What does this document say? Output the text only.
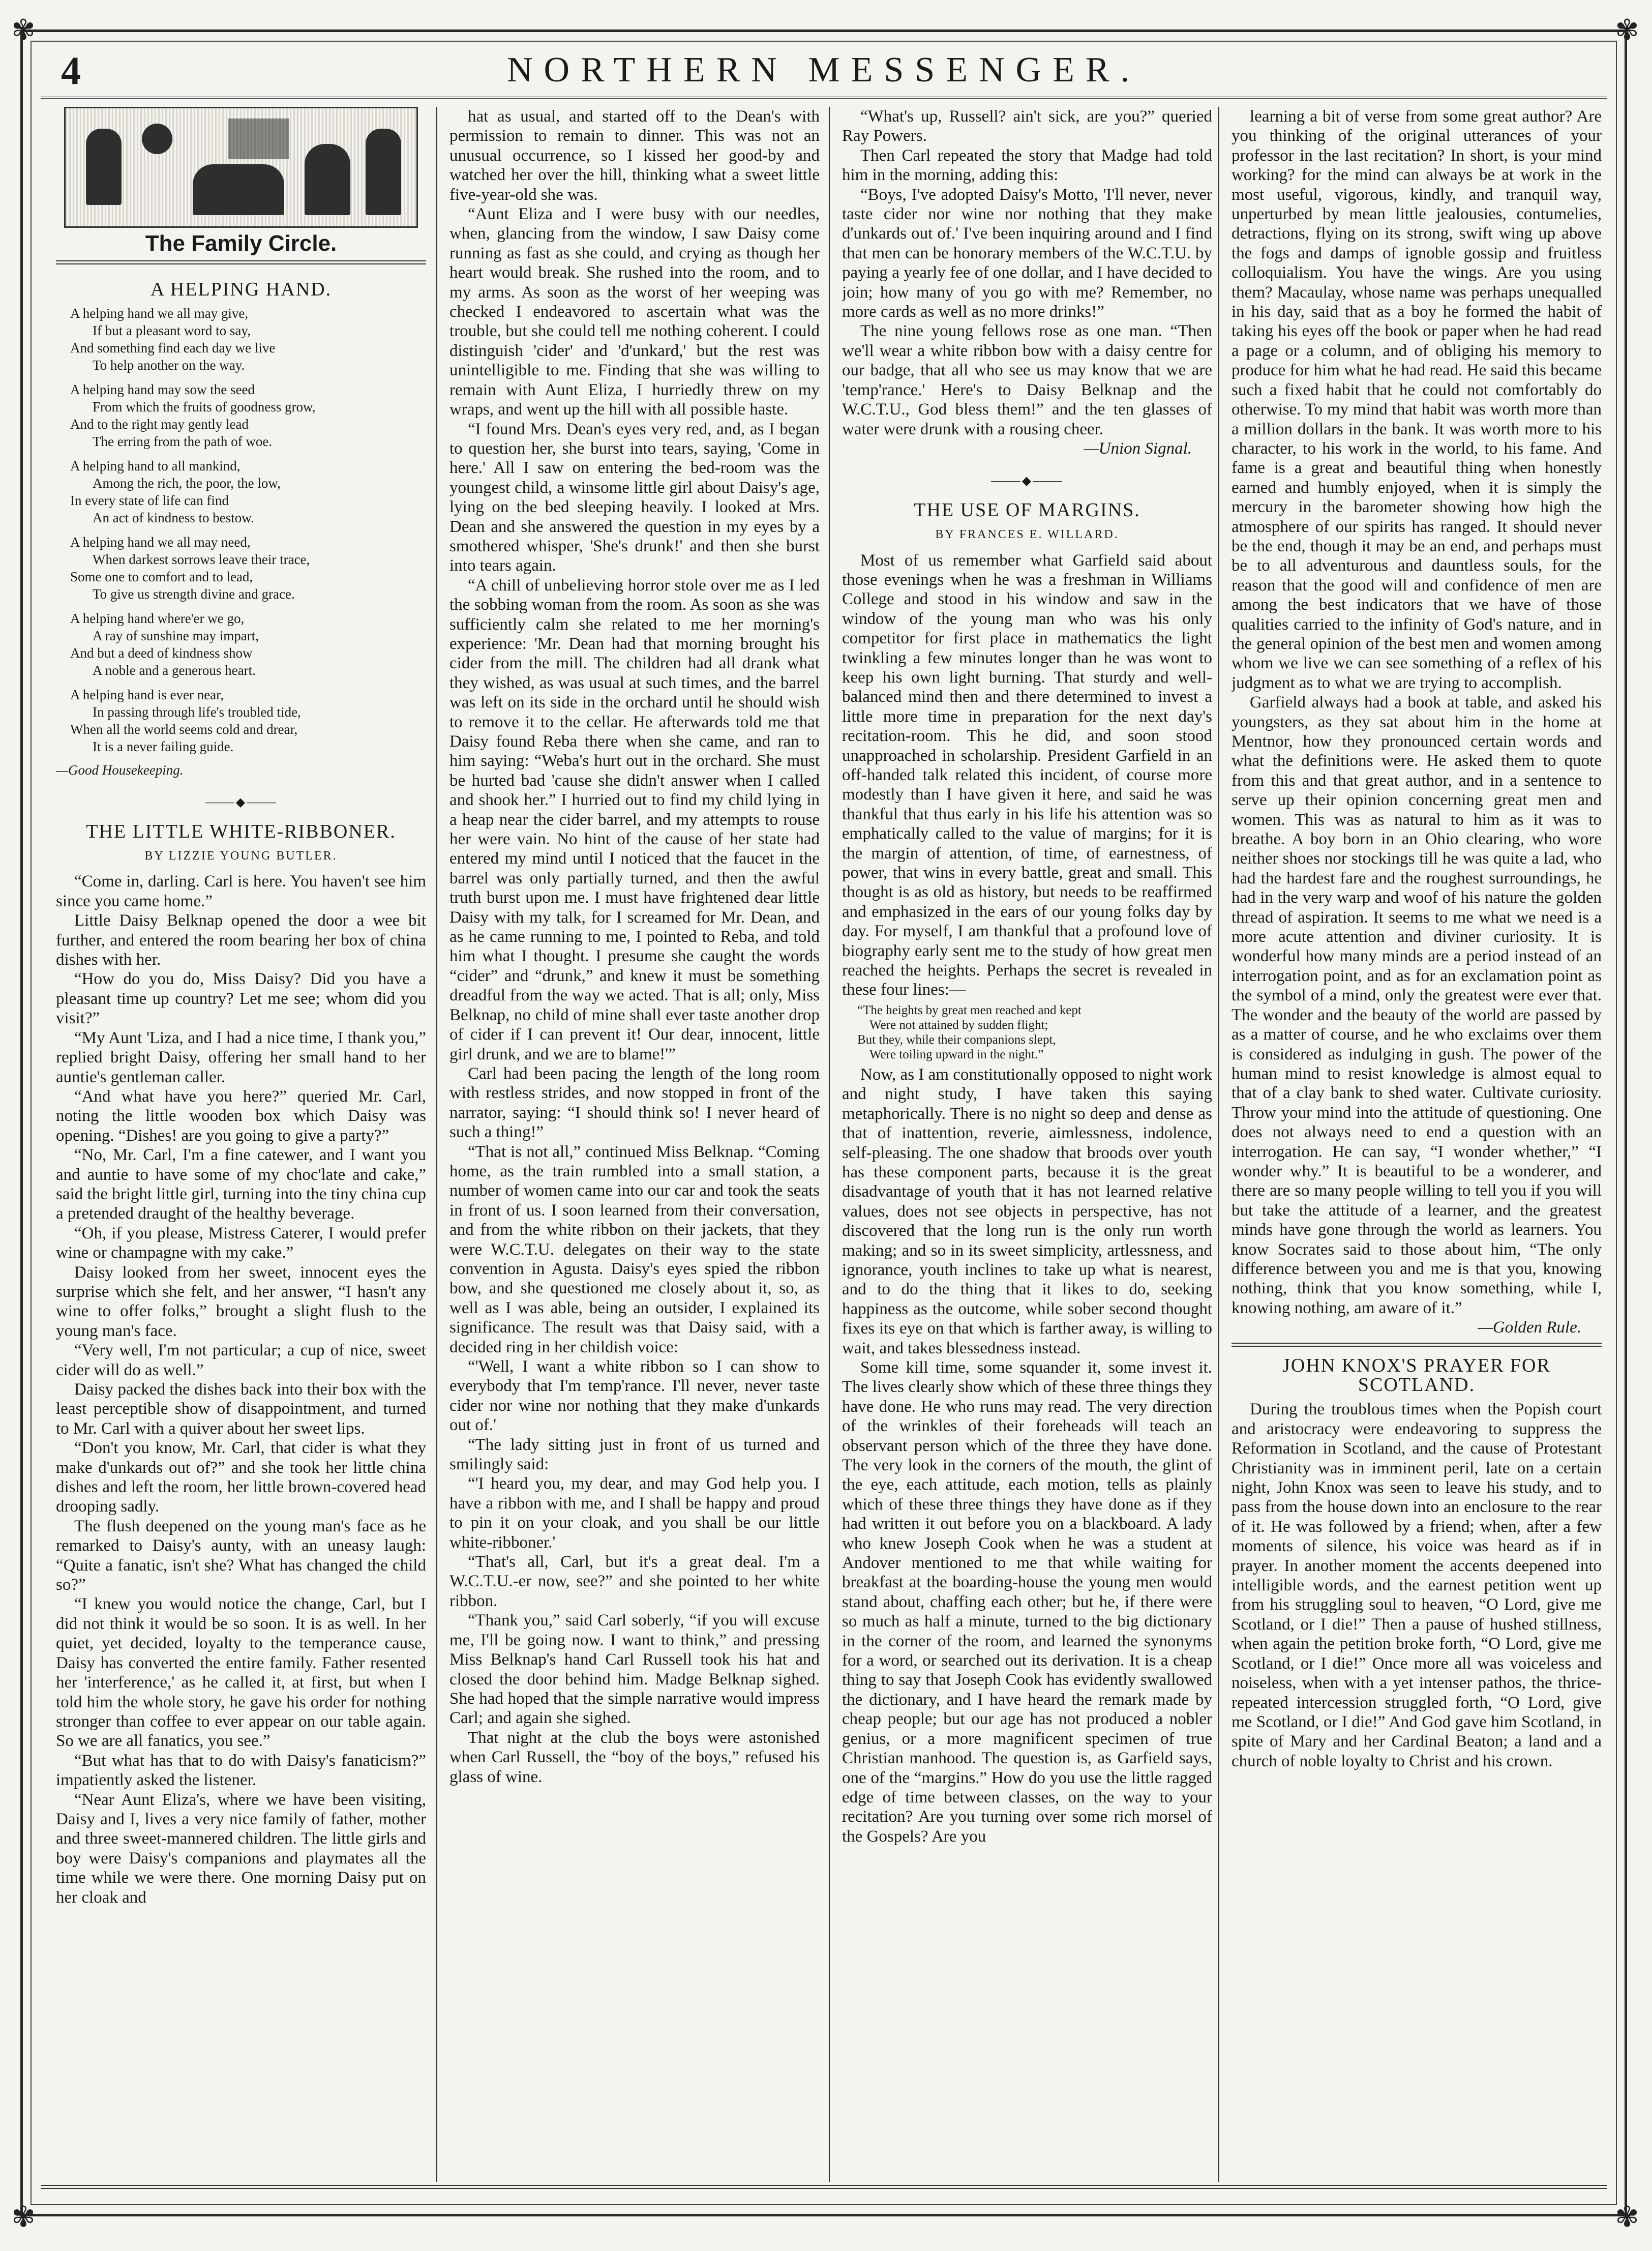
✾	✾
✾	✾
4	NORTHERN MESSENGER.
The Family Circle.
A HELPING HAND.
A helping hand we all may give,
If but a pleasant word to say,
And something find each day we live
To help another on the way.
A helping hand may sow the seed
From which the fruits of goodness grow,
And to the right may gently lead
The erring from the path of woe.
A helping hand to all mankind,
Among the rich, the poor, the low,
In every state of life can find
An act of kindness to bestow.
A helping hand we all may need,
When darkest sorrows leave their trace,
Some one to comfort and to lead,
To give us strength divine and grace.
A helping hand where'er we go,
A ray of sunshine may impart,
And but a deed of kindness show
A noble and a generous heart.
A helping hand is ever near,
In passing through life's troubled tide,
When all the world seems cold and drear,
It is a never failing guide.
—Good Housekeeping.
⸻◆⸻
THE LITTLE WHITE-RIBBONER.
BY LIZZIE YOUNG BUTLER.

“Come in, darling. Carl is here. You haven't see him since you came home.”

Little Daisy Belknap opened the door a wee bit further, and entered the room bearing her box of china dishes with her.

“How do you do, Miss Daisy? Did you have a pleasant time up country? Let me see; whom did you visit?”

“My Aunt 'Liza, and I had a nice time, I thank you,” replied bright Daisy, offering her small hand to her auntie's gentleman caller.

“And what have you here?” queried Mr. Carl, noting the little wooden box which Daisy was opening. “Dishes! are you going to give a party?”

“No, Mr. Carl, I'm a fine catewer, and I want you and auntie to have some of my choc'late and cake,” said the bright little girl, turning into the tiny china cup a pretended draught of the healthy beverage.

“Oh, if you please, Mistress Caterer, I would prefer wine or champagne with my cake.”

Daisy looked from her sweet, innocent eyes the surprise which she felt, and her answer, “I hasn't any wine to offer folks,” brought a slight flush to the young man's face.

“Very well, I'm not particular; a cup of nice, sweet cider will do as well.”

Daisy packed the dishes back into their box with the least perceptible show of disappointment, and turned to Mr. Carl with a quiver about her sweet lips.

“Don't you know, Mr. Carl, that cider is what they make d'unkards out of?” and she took her little china dishes and left the room, her little brown-covered head drooping sadly.

The flush deepened on the young man's face as he remarked to Daisy's aunty, with an uneasy laugh: “Quite a fanatic, isn't she? What has changed the child so?”

“I knew you would notice the change, Carl, but I did not think it would be so soon. It is as well. In her quiet, yet decided, loyalty to the temperance cause, Daisy has converted the entire family. Father resented her 'interference,' as he called it, at first, but when I told him the whole story, he gave his order for nothing stronger than coffee to ever appear on our table again. So we are all fanatics, you see.”

“But what has that to do with Daisy's fanaticism?” impatiently asked the listener.

“Near Aunt Eliza's, where we have been visiting, Daisy and I, lives a very nice family of father, mother and three sweet-mannered children. The little girls and boy were Daisy's companions and playmates all the time while we were there. One morning Daisy put on her cloak and

hat as usual, and started off to the Dean's with permission to remain to dinner. This was not an unusual occurrence, so I kissed her good-by and watched her over the hill, thinking what a sweet little five-year-old she was.

“Aunt Eliza and I were busy with our needles, when, glancing from the window, I saw Daisy come running as fast as she could, and crying as though her heart would break. She rushed into the room, and to my arms. As soon as the worst of her weeping was checked I endeavored to ascertain what was the trouble, but she could tell me nothing coherent. I could distinguish 'cider' and 'd'unkard,' but the rest was unintelligible to me. Finding that she was willing to remain with Aunt Eliza, I hurriedly threw on my wraps, and went up the hill with all possible haste.

“I found Mrs. Dean's eyes very red, and, as I began to question her, she burst into tears, saying, 'Come in here.' All I saw on entering the bed-room was the youngest child, a winsome little girl about Daisy's age, lying on the bed sleeping heavily. I looked at Mrs. Dean and she answered the question in my eyes by a smothered whisper, 'She's drunk!' and then she burst into tears again.

“A chill of unbelieving horror stole over me as I led the sobbing woman from the room. As soon as she was sufficiently calm she related to me her morning's experience: 'Mr. Dean had that morning brought his cider from the mill. The children had all drank what they wished, as was usual at such times, and the barrel was left on its side in the orchard until he should wish to remove it to the cellar. He afterwards told me that Daisy found Reba there when she came, and ran to him saying: “Weba's hurt out in the orchard. She must be hurted bad 'cause she didn't answer when I called and shook her.” I hurried out to find my child lying in a heap near the cider barrel, and my attempts to rouse her were vain. No hint of the cause of her state had entered my mind until I noticed that the faucet in the barrel was only partially turned, and then the awful truth burst upon me. I must have frightened dear little Daisy with my talk, for I screamed for Mr. Dean, and as he came running to me, I pointed to Reba, and told him what I thought. I presume she caught the words “cider” and “drunk,” and knew it must be something dreadful from the way we acted. That is all; only, Miss Belknap, no child of mine shall ever taste another drop of cider if I can prevent it! Our dear, innocent, little girl drunk, and we are to blame!'”

Carl had been pacing the length of the long room with restless strides, and now stopped in front of the narrator, saying: “I should think so! I never heard of such a thing!”

“That is not all,” continued Miss Belknap. “Coming home, as the train rumbled into a small station, a number of women came into our car and took the seats in front of us. I soon learned from their conversation, and from the white ribbon on their jackets, that they were W.C.T.U. delegates on their way to the state convention in Agusta. Daisy's eyes spied the ribbon bow, and she questioned me closely about it, so, as well as I was able, being an outsider, I explained its significance. The result was that Daisy said, with a decided ring in her childish voice:

“'Well, I want a white ribbon so I can show to everybody that I'm temp'rance. I'll never, never taste cider nor wine nor nothing that they make d'unkards out of.'

“The lady sitting just in front of us turned and smilingly said:

“'I heard you, my dear, and may God help you. I have a ribbon with me, and I shall be happy and proud to pin it on your cloak, and you shall be our little white-ribboner.'

“That's all, Carl, but it's a great deal. I'm a W.C.T.U.-er now, see?” and she pointed to her white ribbon.

“Thank you,” said Carl soberly, “if you will excuse me, I'll be going now. I want to think,” and pressing Miss Belknap's hand Carl Russell took his hat and closed the door behind him. Madge Belknap sighed. She had hoped that the simple narrative would impress Carl; and again she sighed.

That night at the club the boys were astonished when Carl Russell, the “boy of the boys,” refused his glass of wine.

“What's up, Russell? ain't sick, are you?” queried Ray Powers.

Then Carl repeated the story that Madge had told him in the morning, adding this:

“Boys, I've adopted Daisy's Motto, 'I'll never, never taste cider nor wine nor nothing that they make d'unkards out of.' I've been inquiring around and I find that men can be honorary members of the W.C.T.U. by paying a yearly fee of one dollar, and I have decided to join; how many of you go with me? Remember, no more cards as well as no more drinks!”

The nine young fellows rose as one man. “Then we'll wear a white ribbon bow with a daisy centre for our badge, that all who see us may know that we are 'temp'rance.' Here's to Daisy Belknap and the W.C.T.U., God bless them!” and the ten glasses of water were drunk with a rousing cheer.

—Union Signal.

⸻◆⸻
THE USE OF MARGINS.
BY FRANCES E. WILLARD.

Most of us remember what Garfield said about those evenings when he was a freshman in Williams College and stood in his window and saw in the window of the young man who was his only competitor for first place in mathematics the light twinkling a few minutes longer than he was wont to keep his own light burning. That sturdy and well-balanced mind then and there determined to invest a little more time in preparation for the next day's recitation-room. This he did, and soon stood unapproached in scholarship. President Garfield in an off-handed talk related this incident, of course more modestly than I have given it here, and said he was thankful that thus early in his life his attention was so emphatically called to the value of margins; for it is the margin of attention, of time, of earnestness, of power, that wins in every battle, great and small. This thought is as old as history, but needs to be reaffirmed and emphasized in the ears of our young folks day by day. For myself, I am thankful that a profound love of biography early sent me to the study of how great men reached the heights. Perhaps the secret is revealed in these four lines:—

“The heights by great men reached and kept
Were not attained by sudden flight;
But they, while their companions slept,
Were toiling upward in the night.”

Now, as I am constitutionally opposed to night work and night study, I have taken this saying metaphorically. There is no night so deep and dense as that of inattention, reverie, aimlessness, indolence, self-pleasing. The one shadow that broods over youth has these component parts, because it is the great disadvantage of youth that it has not learned relative values, does not see objects in perspective, has not discovered that the long run is the only run worth making; and so in its sweet simplicity, artlessness, and ignorance, youth inclines to take up what is nearest, and to do the thing that it likes to do, seeking happiness as the outcome, while sober second thought fixes its eye on that which is farther away, is willing to wait, and takes blessedness instead.

Some kill time, some squander it, some invest it. The lives clearly show which of these three things they have done. He who runs may read. The very direction of the wrinkles of their foreheads will teach an observant person which of the three they have done. The very look in the corners of the mouth, the glint of the eye, each attitude, each motion, tells as plainly which of these three things they have done as if they had written it out before you on a blackboard. A lady who knew Joseph Cook when he was a student at Andover mentioned to me that while waiting for breakfast at the boarding-house the young men would stand about, chaffing each other; but he, if there were so much as half a minute, turned to the big dictionary in the corner of the room, and learned the synonyms for a word, or searched out its derivation. It is a cheap thing to say that Joseph Cook has evidently swallowed the dictionary, and I have heard the remark made by cheap people; but our age has not produced a nobler genius, or a more magnificent specimen of true Christian manhood. The question is, as Garfield says, one of the “margins.” How do you use the little ragged edge of time between classes, on the way to your recitation? Are you turning over some rich morsel of the Gospels? Are you

learning a bit of verse from some great author? Are you thinking of the original utterances of your professor in the last recitation? In short, is your mind working? for the mind can always be at work in the most useful, vigorous, kindly, and tranquil way, unperturbed by mean little jealousies, contumelies, detractions, flying on its strong, swift wing up above the fogs and damps of ignoble gossip and fruitless colloquialism. You have the wings. Are you using them? Macaulay, whose name was perhaps unequalled in his day, said that as a boy he formed the habit of taking his eyes off the book or paper when he had read a page or a column, and of obliging his memory to produce for him what he had read. He said this became such a fixed habit that he could not comfortably do otherwise. To my mind that habit was worth more than a million dollars in the bank. It was worth more to his character, to his work in the world, to his fame. And fame is a great and beautiful thing when honestly earned and humbly enjoyed, when it is simply the mercury in the barometer showing how high the atmosphere of our spirits has ranged. It should never be the end, though it may be an end, and perhaps must be to all adventurous and dauntless souls, for the reason that the good will and confidence of men are among the best indicators that we have of those qualities carried to the infinity of God's nature, and in the general opinion of the best men and women among whom we live we can see something of a reflex of his judgment as to what we are trying to accomplish.

Garfield always had a book at table, and asked his youngsters, as they sat about him in the home at Mentnor, how they pronounced certain words and what the definitions were. He asked them to quote from this and that great author, and in a sentence to serve up their opinion concerning great men and women. This was as natural to him as it was to breathe. A boy born in an Ohio clearing, who wore neither shoes nor stockings till he was quite a lad, who had the hardest fare and the roughest surroundings, he had in the very warp and woof of his nature the golden thread of aspiration. It seems to me what we need is a more acute attention and diviner curiosity. It is wonderful how many minds are a period instead of an interrogation point, and as for an exclamation point as the symbol of a mind, only the greatest were ever that. The wonder and the beauty of the world are passed by as a matter of course, and he who exclaims over them is considered as indulging in gush. The power of the human mind to resist knowledge is almost equal to that of a clay bank to shed water. Cultivate curiosity. Throw your mind into the attitude of questioning. One does not always need to end a question with an interrogation. He can say, “I wonder whether,” “I wonder why.” It is beautiful to be a wonderer, and there are so many people willing to tell you if you will but take the attitude of a learner, and the greatest minds have gone through the world as learners. You know Socrates said to those about him, “The only difference between you and me is that you, knowing nothing, think that you know something, while I, knowing nothing, am aware of it.”

—Golden Rule.

JOHN KNOX'S PRAYER FOR SCOTLAND.

During the troublous times when the Popish court and aristocracy were endeavoring to suppress the Reformation in Scotland, and the cause of Protestant Christianity was in imminent peril, late on a certain night, John Knox was seen to leave his study, and to pass from the house down into an enclosure to the rear of it. He was followed by a friend; when, after a few moments of silence, his voice was heard as if in prayer. In another moment the accents deepened into intelligible words, and the earnest petition went up from his struggling soul to heaven, “O Lord, give me Scotland, or I die!” Then a pause of hushed stillness, when again the petition broke forth, “O Lord, give me Scotland, or I die!” Once more all was voiceless and noiseless, when with a yet intenser pathos, the thrice-repeated intercession struggled forth, “O Lord, give me Scotland, or I die!” And God gave him Scotland, in spite of Mary and her Cardinal Beaton; a land and a church of noble loyalty to Christ and his crown.
